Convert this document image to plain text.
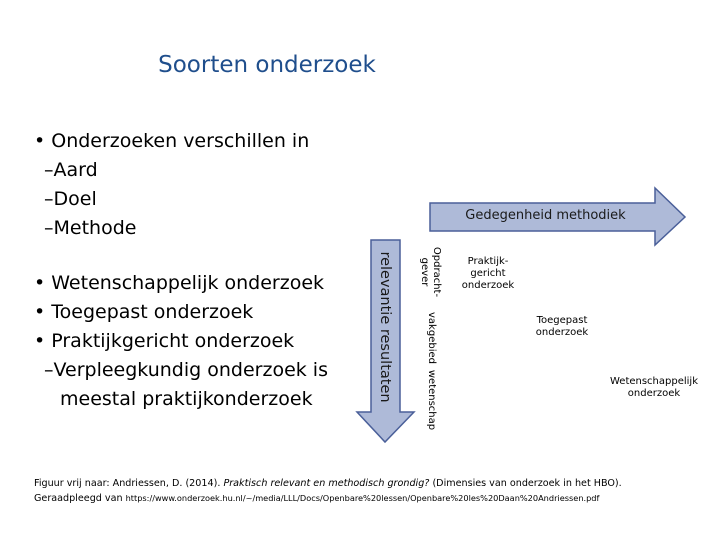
Soorten onderzoek
• Onderzoeken verschillen in
–Aard
–Doel
–Methode
• Wetenschappelijk onderzoek
• Toegepast onderzoek
• Praktijkgericht onderzoek
–Verpleegkundig onderzoek is
meestal praktijkonderzoek
Gedegenheid methodiek
relevantie resultaten	Opdracht-
gever
vakgebied
wetenschap
Praktijk-
gericht
onderzoek
Toegepast
onderzoek
Wetenschappelijk
onderzoek
Figuur vrij naar: Andriessen, D. (2014). Praktisch relevant en methodisch grondig? (Dimensies van onderzoek in het HBO).
Geraadpleegd van https://www.onderzoek.hu.nl/~/media/LLL/Docs/Openbare%20lessen/Openbare%20les%20Daan%20Andriessen.pdf
